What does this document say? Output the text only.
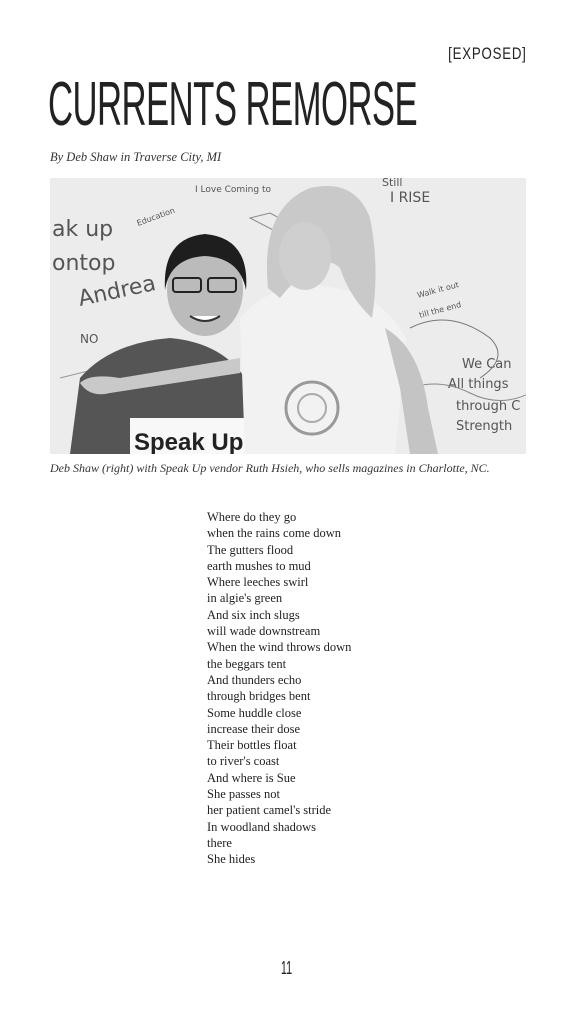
[EXPOSED]
CURRENTS REMORSE
By Deb Shaw in Traverse City, MI
ak up
ontop
Andrea
I Love Coming to
Education
Still
I RISE
Walk it out
till the end
We Can
All things
through C
Strength
NO
Speak Up
Deb Shaw (right) with Speak Up vendor Ruth Hsieh, who sells magazines in Charlotte, NC.
Where do they go
when the rains come down
The gutters flood
earth mushes to mud
Where leeches swirl
in algie's green
And six inch slugs
will wade downstream
When the wind throws down
the beggars tent
And thunders echo
through bridges bent
Some huddle close
increase their dose
Their bottles float
to river's coast
And where is Sue
She passes not
her patient camel's stride
In woodland shadows
there
She hides
11
